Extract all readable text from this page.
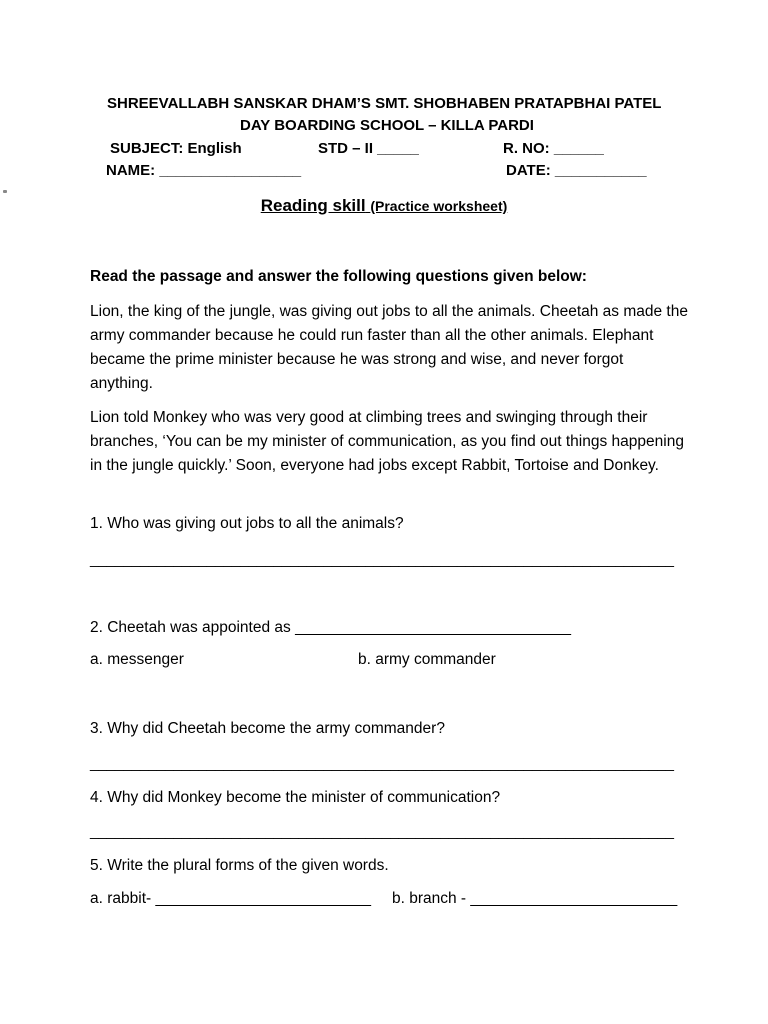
SHREEVALLABH SANSKAR DHAM’S SMT. SHOBHABEN PRATAPBHAI PATEL
DAY BOARDING SCHOOL – KILLA PARDI
SUBJECT: English	STD – II _____	R. NO: ______
NAME: _________________	DATE: ___________
Reading skill (Practice worksheet)
Read the passage and answer the following questions given below:
Lion, the king of the jungle, was giving out jobs to all the animals. Cheetah as made the army commander because he could run faster than all the other animals. Elephant became the prime minister because he was strong and wise, and never forgot anything.
Lion told Monkey who was very good at climbing trees and swinging through their branches, ‘You can be my minister of communication, as you find out things happening in the jungle quickly.’ Soon, everyone had jobs except Rabbit, Tortoise and Donkey.
1. Who was giving out jobs to all the animals?
______________________________________________________________________
2. Cheetah was appointed as ________________________________
a. messenger	b. army commander
3. Why did Cheetah become the army commander?
______________________________________________________________________
4. Why did Monkey become the minister of communication?
______________________________________________________________________
5. Write the plural forms of the given words.
a. rabbit- _________________________ b. branch - ________________________
